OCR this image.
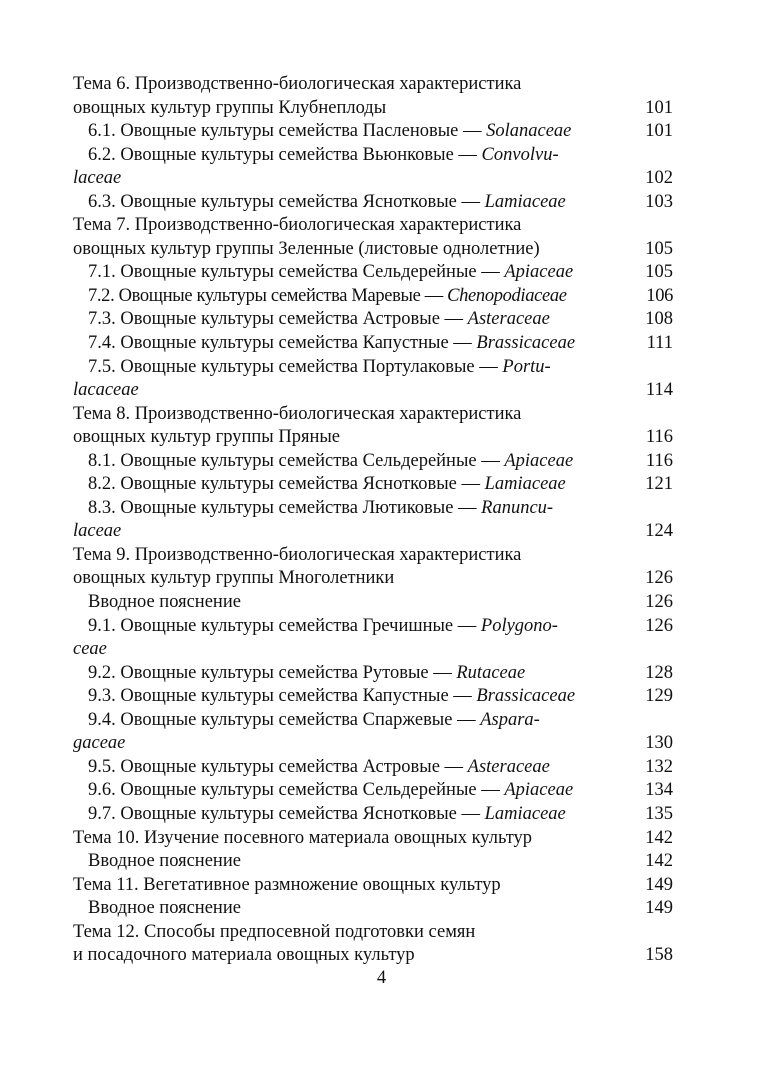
Тема 6. Производственно-биологическая характеристика
овощных культур группы Клубнеплоды	101
6.1. Овощные культуры семейства Пасленовые — Solanaceae	101
6.2. Овощные культуры семейства Вьюнковые — Convolvu-
laceae	102
6.3. Овощные культуры семейства Яснотковые — Lamiaceae	103
Тема 7. Производственно-биологическая характеристика
овощных культур группы Зеленные (листовые однолетние)	105
7.1. Овощные культуры семейства Сельдерейные — Apiaceae	105
7.2. Овощные культуры семейства Маревые — Chenopodiaceae	106
7.3. Овощные культуры семейства Астровые — Asteraceae	108
7.4. Овощные культуры семейства Капустные — Brassicaceae	111
7.5. Овощные культуры семейства Портулаковые — Portu-
lacaceae	114
Тема 8. Производственно-биологическая характеристика
овощных культур группы Пряные	116
8.1. Овощные культуры семейства Сельдерейные — Apiaceae	116
8.2. Овощные культуры семейства Яснотковые — Lamiaceae	121
8.3. Овощные культуры семейства Лютиковые — Ranuncu-
laceae	124
Тема 9. Производственно-биологическая характеристика
овощных культур группы Многолетники	126
Вводное пояснение	126
9.1. Овощные культуры семейства Гречишные — Polygono-	126
ceae
9.2. Овощные культуры семейства Рутовые — Rutaceae	128
9.3. Овощные культуры семейства Капустные — Brassicaceae	129
9.4. Овощные культуры семейства Спаржевые — Aspara-
gaceae	130
9.5. Овощные культуры семейства Астровые — Asteraceae	132
9.6. Овощные культуры семейства Сельдерейные — Apiaceae	134
9.7. Овощные культуры семейства Яснотковые — Lamiaceae	135
Тема 10. Изучение посевного материала овощных культур	142
Вводное пояснение	142
Тема 11. Вегетативное размножение овощных культур	149
Вводное пояснение	149
Тема 12. Способы предпосевной подготовки семян
и посадочного материала овощных культур	158
4
